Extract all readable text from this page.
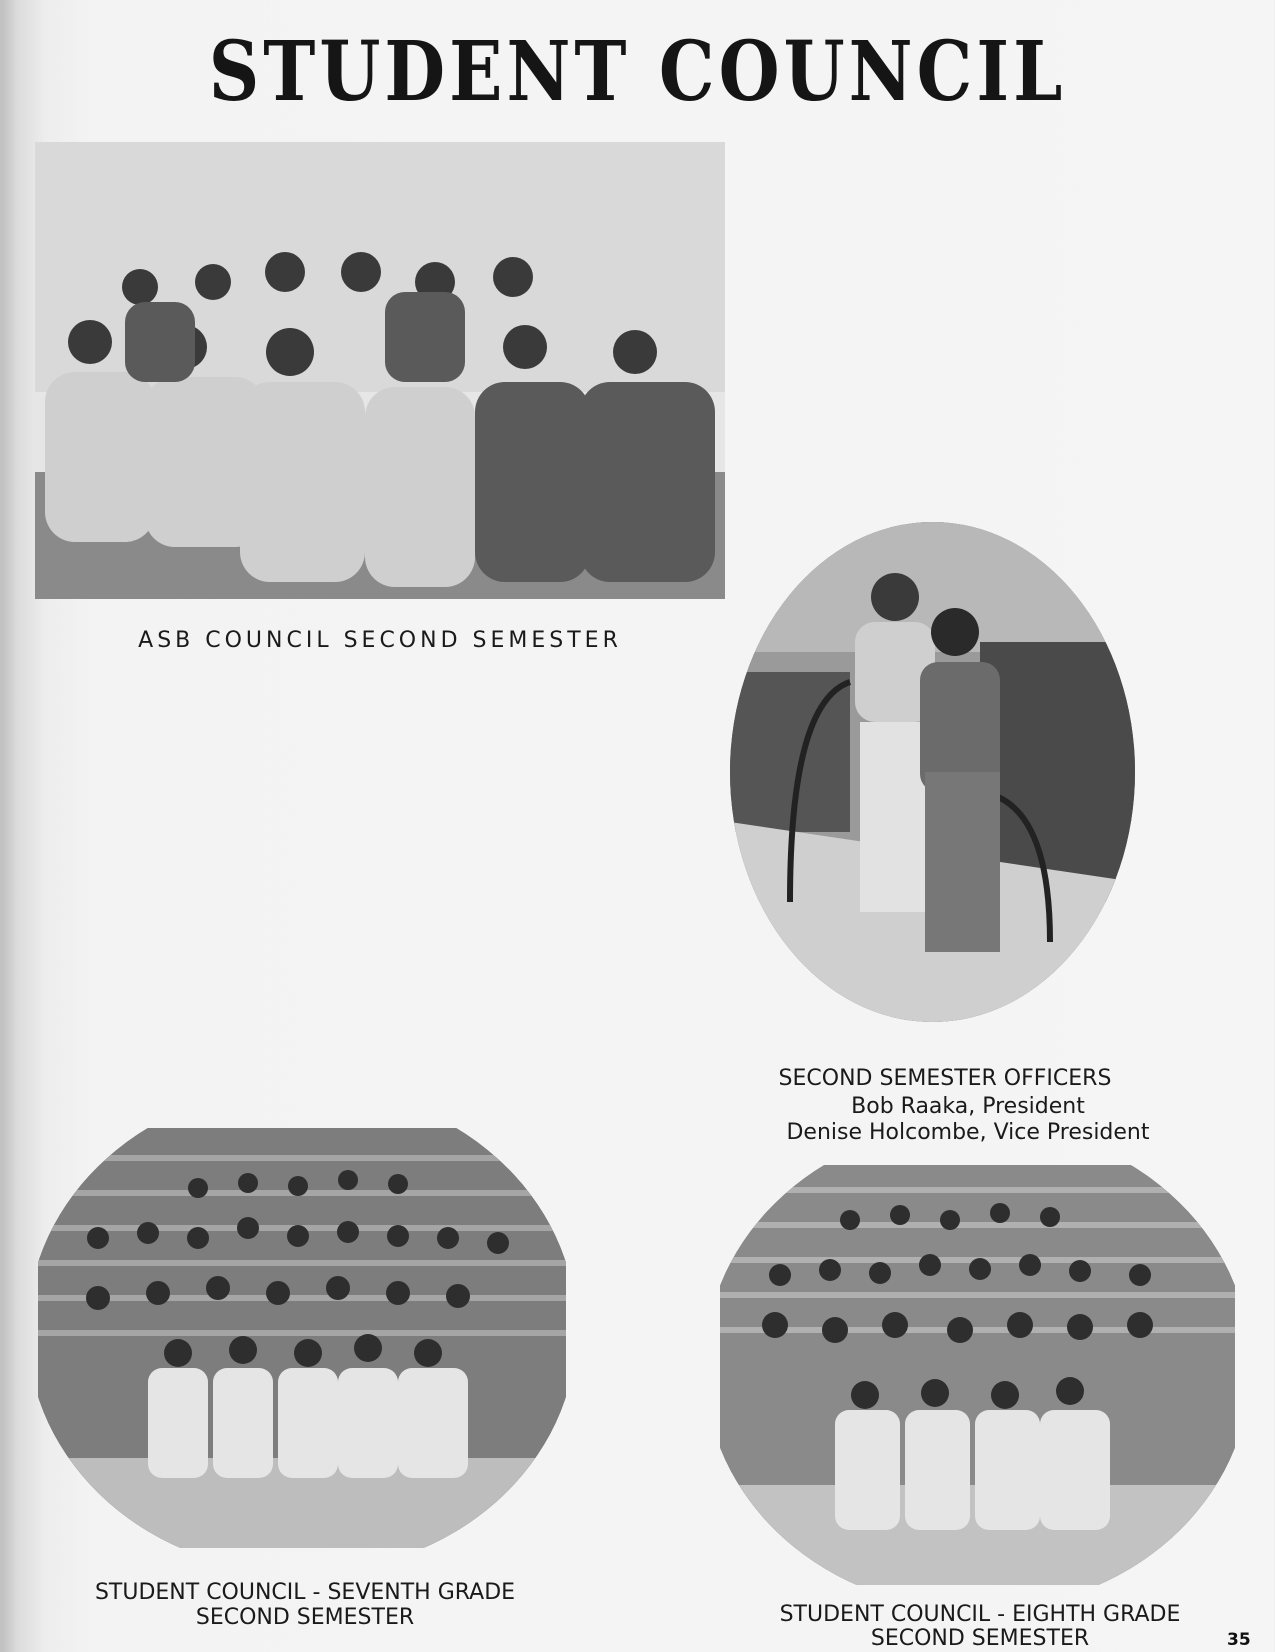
STUDENT COUNCIL
ASB COUNCIL SECOND SEMESTER
SECOND SEMESTER OFFICERS
Bob Raaka, President
Denise Holcombe, Vice President
STUDENT COUNCIL - SEVENTH GRADE
SECOND SEMESTER	STUDENT COUNCIL - EIGHTH GRADE
SECOND SEMESTER	35
